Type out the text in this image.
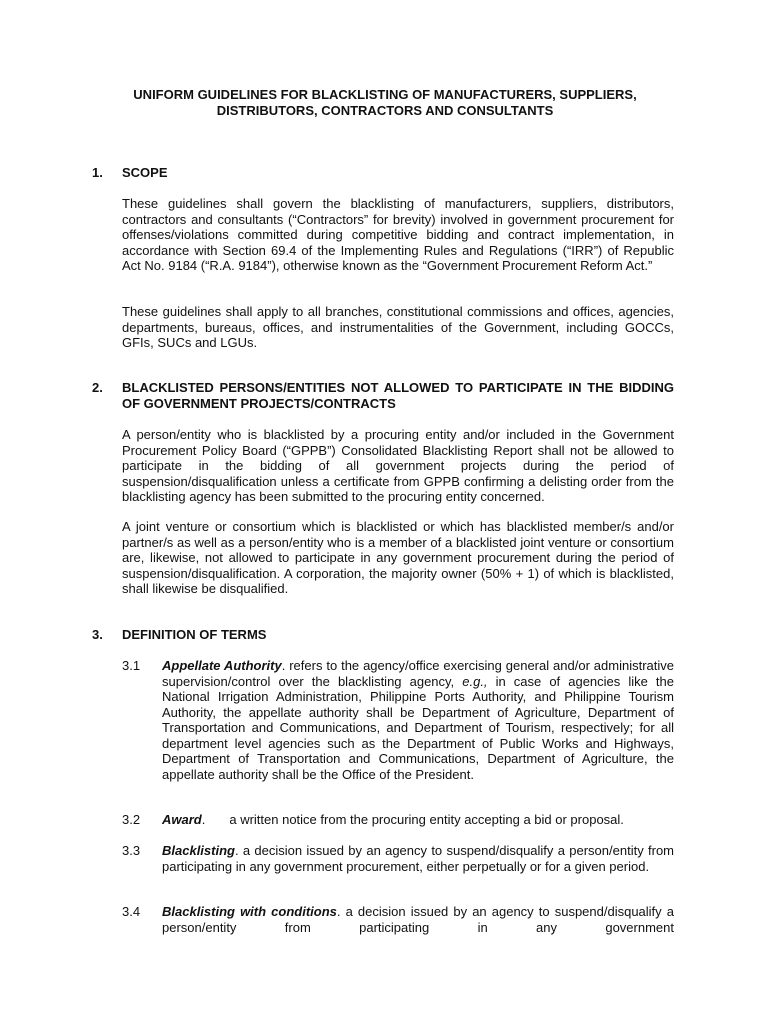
UNIFORM GUIDELINES FOR BLACKLISTING OF MANUFACTURERS, SUPPLIERS,
DISTRIBUTORS, CONTRACTORS AND CONSULTANTS
1. SCOPE

These guidelines shall govern the blacklisting of manufacturers, suppliers, distributors, contractors and consultants (“Contractors” for brevity) involved in government procurement for offenses/violations committed during competitive bidding and contract implementation, in accordance with Section 69.4 of the Implementing Rules and Regulations (“IRR”) of Republic Act No. 9184 (“R.A. 9184”), otherwise known as the “Government Procurement Reform Act.”

These guidelines shall apply to all branches, constitutional commissions and offices, agencies, departments, bureaus, offices, and instrumentalities of the Government, including GOCCs, GFIs, SUCs and LGUs.

2. BLACKLISTED PERSONS/ENTITIES NOT ALLOWED TO PARTICIPATE IN THE BIDDING OF GOVERNMENT PROJECTS/CONTRACTS

A person/entity who is blacklisted by a procuring entity and/or included in the Government Procurement Policy Board (“GPPB”) Consolidated Blacklisting Report shall not be allowed to participate in the bidding of all government projects during the period of suspension/disqualification unless a certificate from GPPB confirming a delisting order from the blacklisting agency has been submitted to the procuring entity concerned.

A joint venture or consortium which is blacklisted or which has blacklisted member/s and/or partner/s as well as a person/entity who is a member of a blacklisted joint venture or consortium are, likewise, not allowed to participate in any government procurement during the period of suspension/disqualification. A corporation, the majority owner (50% + 1) of which is blacklisted, shall likewise be disqualified.

3. DEFINITION OF TERMS
3.1 Appellate Authority. refers to the agency/office exercising general and/or administrative supervision/control over the blacklisting agency, e.g., in case of agencies like the National Irrigation Administration, Philippine Ports Authority, and Philippine Tourism Authority, the appellate authority shall be Department of Agriculture, Department of Transportation and Communications, and Department of Tourism, respectively; for all department level agencies such as the Department of Public Works and Highways, Department of Transportation and Communications, Department of Agriculture, the appellate authority shall be the Office of the President.

3.2 Award. a written notice from the procuring entity accepting a bid or proposal.

3.3 Blacklisting. a decision issued by an agency to suspend/disqualify a person/entity from participating in any government procurement, either perpetually or for a given period.

3.4 Blacklisting with conditions. a decision issued by an agency to suspend/disqualify a person/entity from participating in any government
